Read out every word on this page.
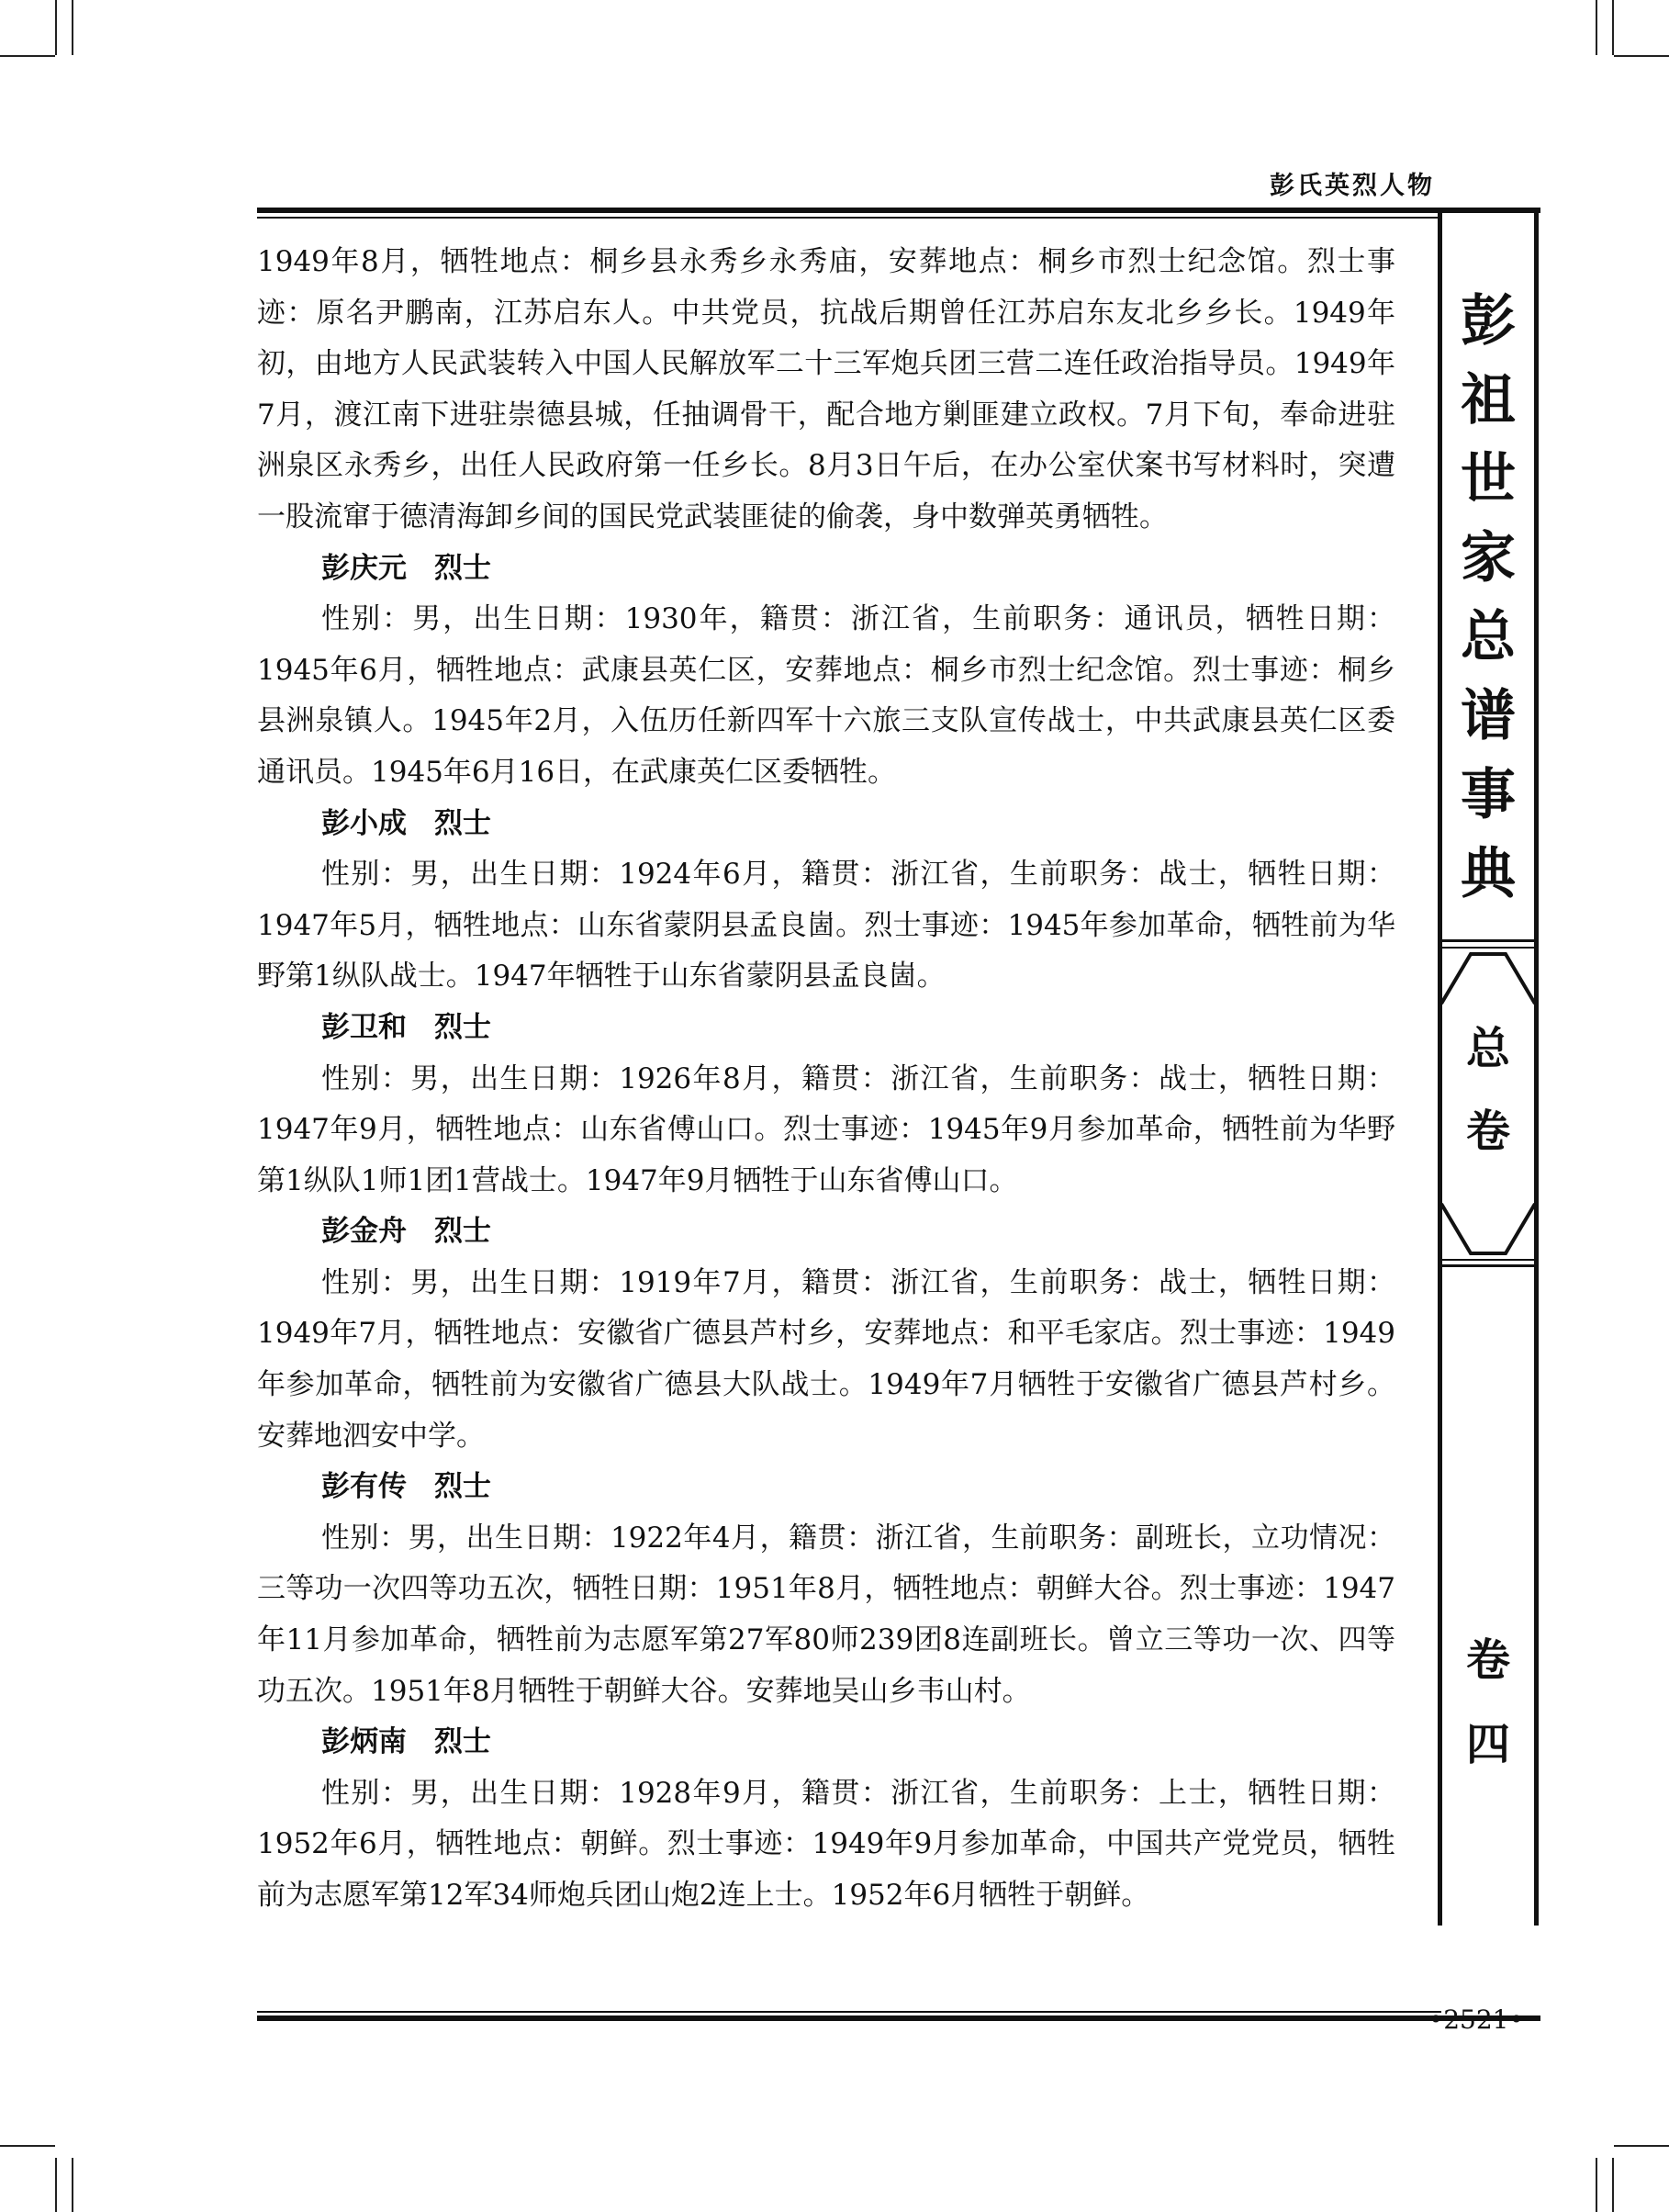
彭氏英烈人物

1949年8月，牺牲地点：桐乡县永秀乡永秀庙，安葬地点：桐乡市烈士纪念馆。烈士事迹：原名尹鹏南，江苏启东人。中共党员，抗战后期曾任江苏启东友北乡乡长。1949年初，由地方人民武装转入中国人民解放军二十三军炮兵团三营二连任政治指导员。1949年7月，渡江南下进驻崇德县城，任抽调骨干，配合地方剿匪建立政权。7月下旬，奉命进驻洲泉区永秀乡，出任人民政府第一任乡长。8月3日午后，在办公室伏案书写材料时，突遭一股流窜于德清海卸乡间的国民党武装匪徒的偷袭，身中数弹英勇牺牲。

彭庆元 烈士

性别：男，出生日期：1930年，籍贯：浙江省，生前职务：通讯员，牺牲日期：1945年6月，牺牲地点：武康县英仁区，安葬地点：桐乡市烈士纪念馆。烈士事迹：桐乡县洲泉镇人。1945年2月，入伍历任新四军十六旅三支队宣传战士，中共武康县英仁区委通讯员。1945年6月16日，在武康英仁区委牺牲。

彭小成 烈士

性别：男，出生日期：1924年6月，籍贯：浙江省，生前职务：战士，牺牲日期：1947年5月，牺牲地点：山东省蒙阴县孟良崮。烈士事迹：1945年参加革命，牺牲前为华野第1纵队战士。1947年牺牲于山东省蒙阴县孟良崮。

彭卫和 烈士

性别：男，出生日期：1926年8月，籍贯：浙江省，生前职务：战士，牺牲日期：1947年9月，牺牲地点：山东省傅山口。烈士事迹：1945年9月参加革命，牺牲前为华野第1纵队1师1团1营战士。1947年9月牺牲于山东省傅山口。

彭金舟 烈士

性别：男，出生日期：1919年7月，籍贯：浙江省，生前职务：战士，牺牲日期：1949年7月，牺牲地点：安徽省广德县芦村乡，安葬地点：和平毛家店。烈士事迹：1949年参加革命，牺牲前为安徽省广德县大队战士。1949年7月牺牲于安徽省广德县芦村乡。安葬地泗安中学。

彭有传 烈士

性别：男，出生日期：1922年4月，籍贯：浙江省，生前职务：副班长，立功情况：三等功一次四等功五次，牺牲日期：1951年8月，牺牲地点：朝鲜大谷。烈士事迹：1947年11月参加革命，牺牲前为志愿军第27军80师239团8连副班长。曾立三等功一次、四等功五次。1951年8月牺牲于朝鲜大谷。安葬地吴山乡韦山村。

彭炳南 烈士

性别：男，出生日期：1928年9月，籍贯：浙江省，生前职务：上士，牺牲日期：1952年6月，牺牲地点：朝鲜。烈士事迹：1949年9月参加革命，中国共产党党员，牺牲前为志愿军第12军34师炮兵团山炮2连上士。1952年6月牺牲于朝鲜。

彭
祖
世
家
总
谱
事
典
总
卷
卷
四
•2521•
